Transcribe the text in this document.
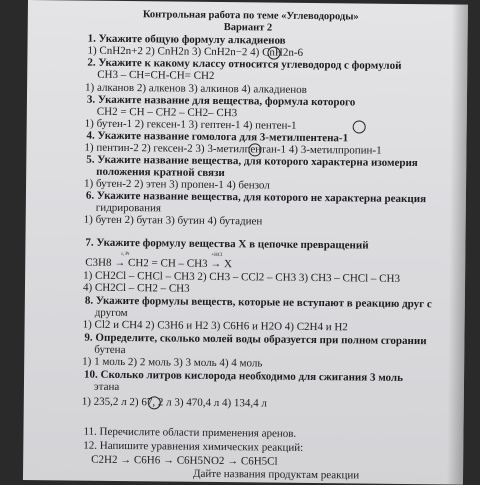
Контрольная работа по теме «Углеводороды»
Вариант 2
1. Укажите общую формулу алкадиенов
1) CnH2n+2 2) CnH2n 3) CnH2n−2 4) CnH2n-6
2. Укажите к какому классу относится углеводород с формулой
CH3 – CH=CH-CH= CH2
1) алканов 2) алкенов 3) алкинов 4) алкадиенов
3. Укажите название для вещества, формула которого
CH2 = CH – CH2 – CH2– CH3
1) бутен-1 2) гексен-1 3) гептен-1 4) пентен-1
4. Укажите название гомолога для 3-метилпентена-1
1) пентин-2 2) гексен-2 3) 3-метилпентан-1 4) 3-метилпропин-1
5. Укажите название вещества, для которого характерна изомерия
положения кратной связи
1) бутен-2 2) этен 3) пропен-1 4) бензол
6. Укажите название вещества, для которого не характерна реакция
гидрирования
1) бутен 2) бутан 3) бутин 4) бутадиен
7. Укажите формулу вещества Х в цепочке превращений
t, Pt	+HCl
C3H8 → CH2 = CH – CH3 → X
1) CH2Cl – CHCl – CH3 2) CH3 – CCl2 – CH3 3) CH3 – CHCl – CH3
4) CH2Cl – CH2 – CH3
8. Укажите формулы веществ, которые не вступают в реакцию друг с
другом
1) Cl2 и CH4 2) C3H6 и H2 3) C6H6 и H2O 4) C2H4 и H2
9. Определите, сколько молей воды образуется при полном сгорании
бутена
1) 1 моль 2) 2 моль 3) 3 моль 4) 4 моль
10. Сколько литров кислорода необходимо для сжигания 3 моль
этана
1) 235,2 л 2) 67, 2 л 3) 470,4 л 4) 134,4 л
11. Перечислите области применения аренов.
12. Напишите уравнения химических реакций:
C2H2 → C6H6 → C6H5NO2 → C6H5Cl
Дайте названия продуктам реакции
